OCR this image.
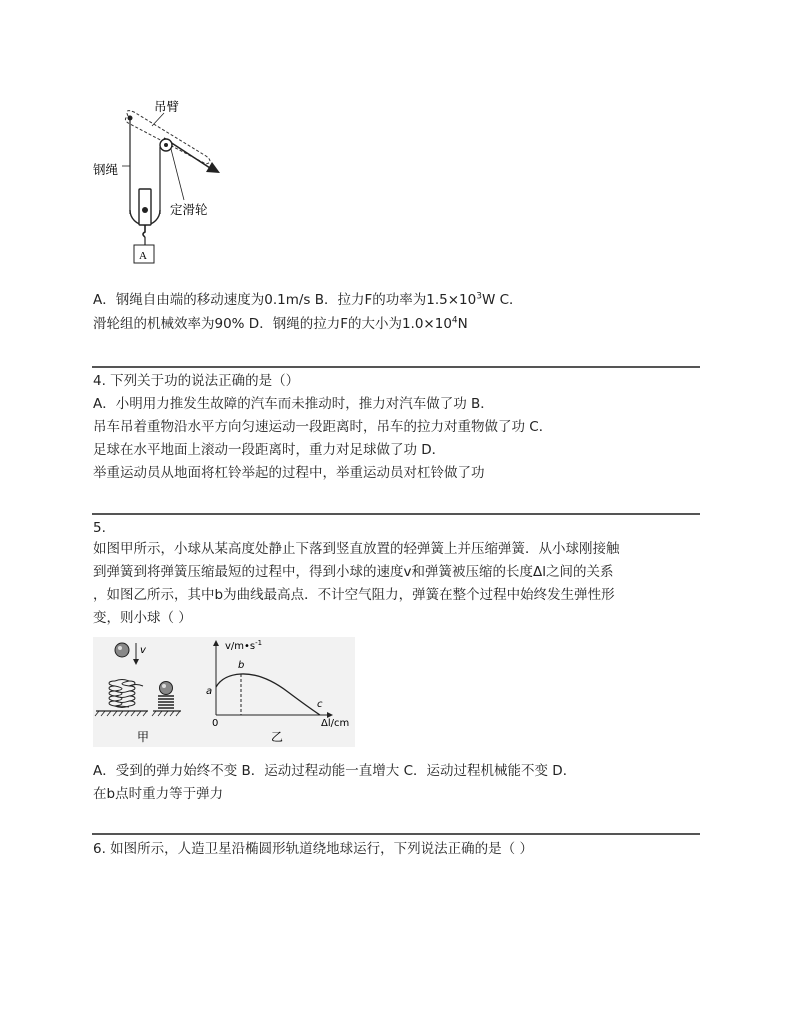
吊臂
钢绳
定滑轮
A
A．钢绳自由端的移动速度为0.1m/s B．拉力F的功率为$1.5\times 10^3W$ C．
滑轮组的机械效率为90% D．钢绳的拉力F的大小为$1.0\times 10^4N$
4. 下列关于功的说法正确的是（）
A．小明用力推发生故障的汽车而未推动时，推力对汽车做了功 B．
吊车吊着重物沿水平方向匀速运动一段距离时，吊车的拉力对重物做了功 C．
足球在水平地面上滚动一段距离时，重力对足球做了功 D．
举重运动员从地面将杠铃举起的过程中，举重运动员对杠铃做了功
5.
如图甲所示，小球从某高度处静止下落到竖直放置的轻弹簧上并压缩弹簧．从小球刚接触
到弹簧到将弹簧压缩最短的过程中，得到小球的速度v和弹簧被压缩的长度Δl之间的关系
，如图乙所示，其中b为曲线最高点．不计空气阻力，弹簧在整个过程中始终发生弹性形
变，则小球（ ）
v
甲
$v/m•s^{-1}$
Δl/cm
0
a
b
c
乙
A．受到的弹力始终不变 B．运动过程动能一直增大 C．运动过程机械能不变 D．
在b点时重力等于弹力
6. 如图所示，人造卫星沿椭圆形轨道绕地球运行，下列说法正确的是（ ）
